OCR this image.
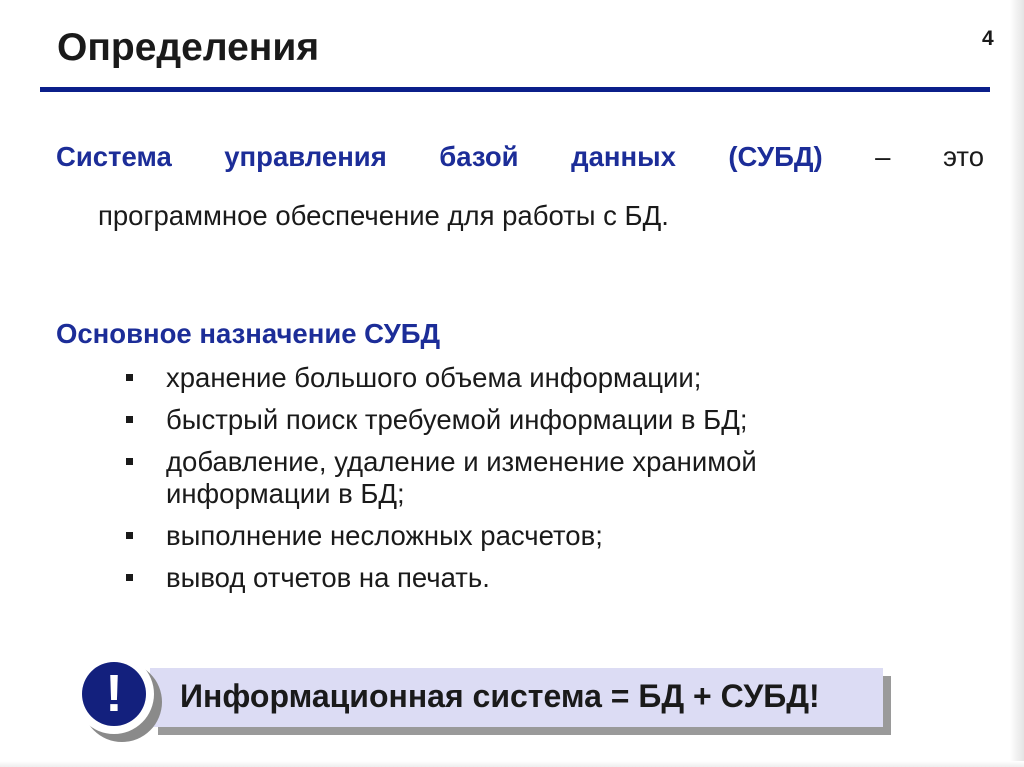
Определения	4
Система управления базой данных (СУБД) – это
программное обеспечение для работы с БД.
Основное назначение СУБД
хранение большого объема информации;
быстрый поиск требуемой информации в БД;
добавление, удаление и изменение хранимой информации в БД;
выполнение несложных расчетов;
вывод отчетов на печать.
Информационная система = БД + СУБД!
!
